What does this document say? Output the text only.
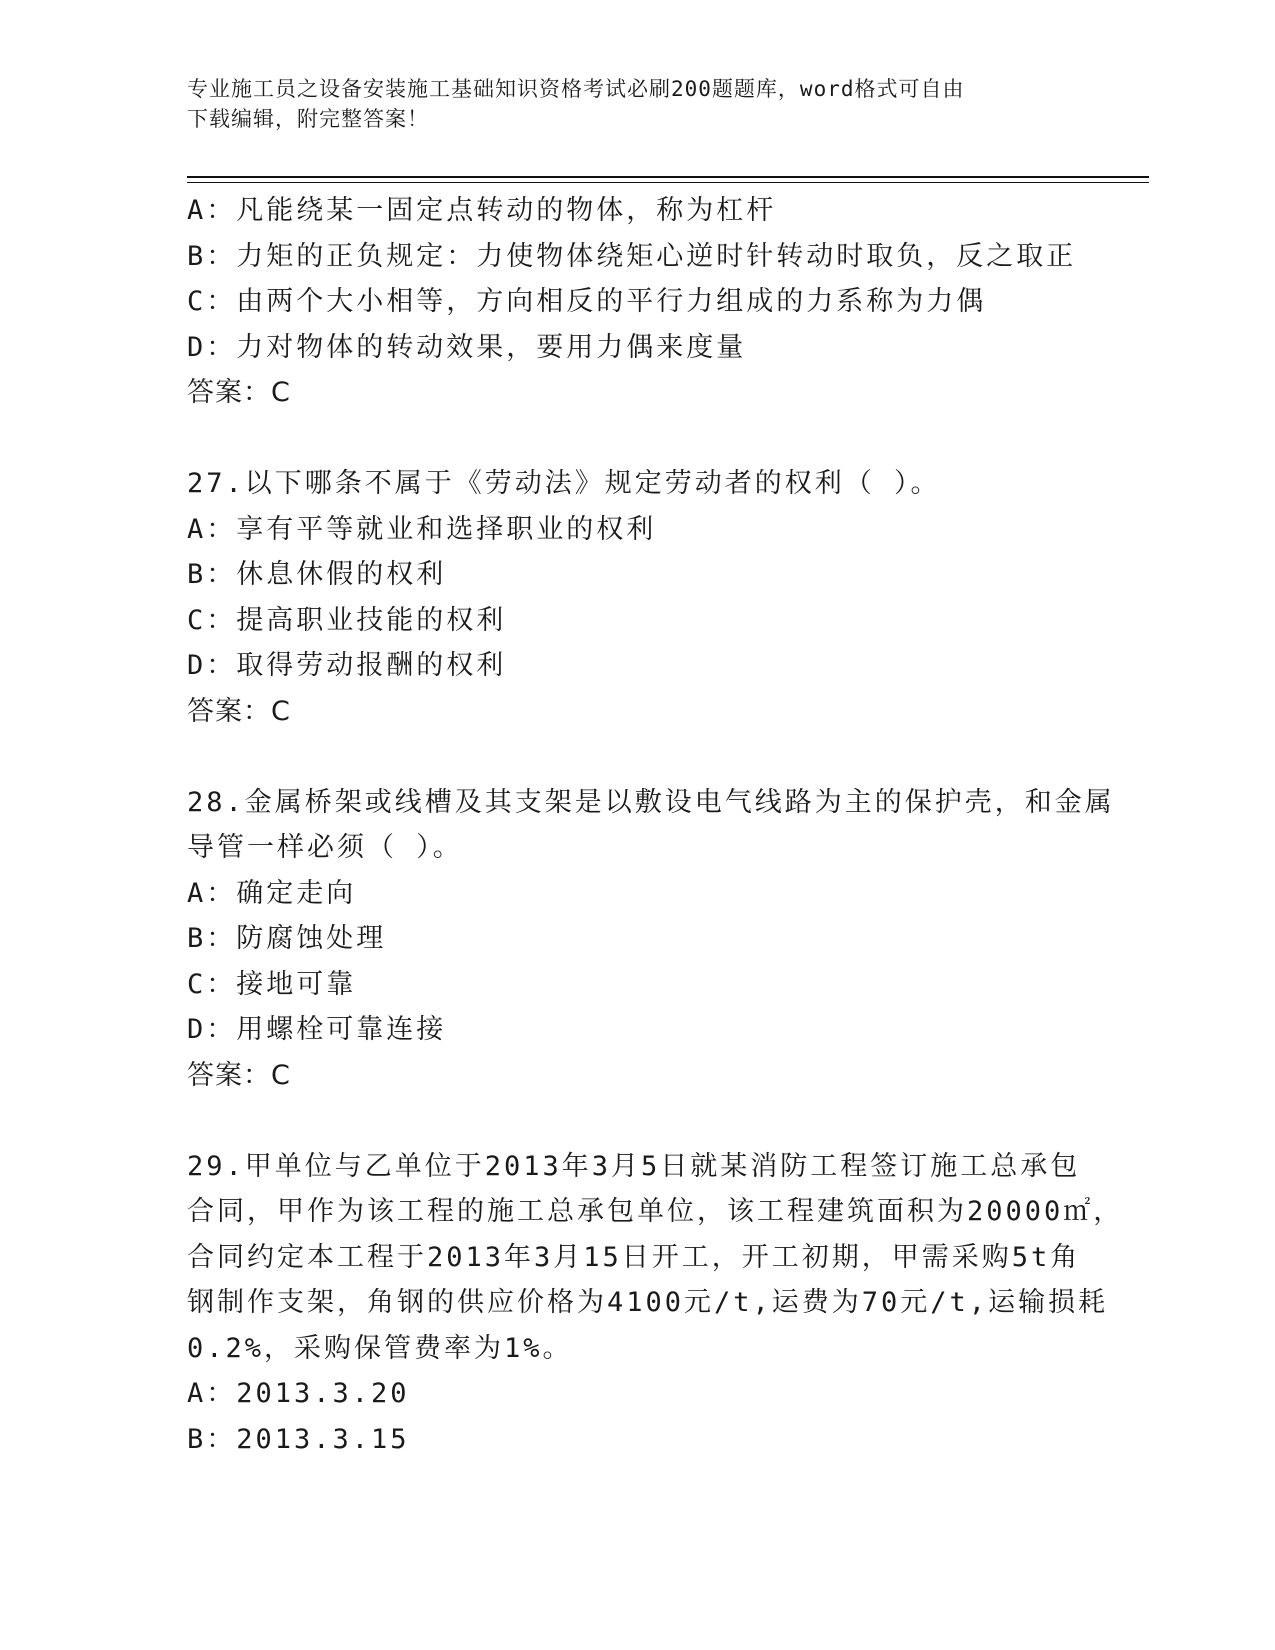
专业施工员之设备安装施工基础知识资格考试必刷200题题库，word格式可自由
下载编辑，附完整答案！
A：凡能绕某一固定点转动的物体，称为杠杆
B：力矩的正负规定：力使物体绕矩心逆时针转动时取负，反之取正
C：由两个大小相等，方向相反的平行力组成的力系称为力偶
D：力对物体的转动效果，要用力偶来度量
答案：C
27.以下哪条不属于《劳动法》规定劳动者的权利（ ）。
A：享有平等就业和选择职业的权利
B：休息休假的权利
C：提高职业技能的权利
D：取得劳动报酬的权利
答案：C
28.金属桥架或线槽及其支架是以敷设电气线路为主的保护壳，和金属
导管一样必须（ ）。
A：确定走向
B：防腐蚀处理
C：接地可靠
D：用螺栓可靠连接
答案：C
29.甲单位与乙单位于2013年3月5日就某消防工程签订施工总承包
合同，甲作为该工程的施工总承包单位，该工程建筑面积为20000㎡，
合同约定本工程于2013年3月15日开工，开工初期，甲需采购5t角
钢制作支架，角钢的供应价格为4100元/t,运费为70元/t,运输损耗
0.2%，采购保管费率为1%。
A：2013.3.20
B：2013.3.15
